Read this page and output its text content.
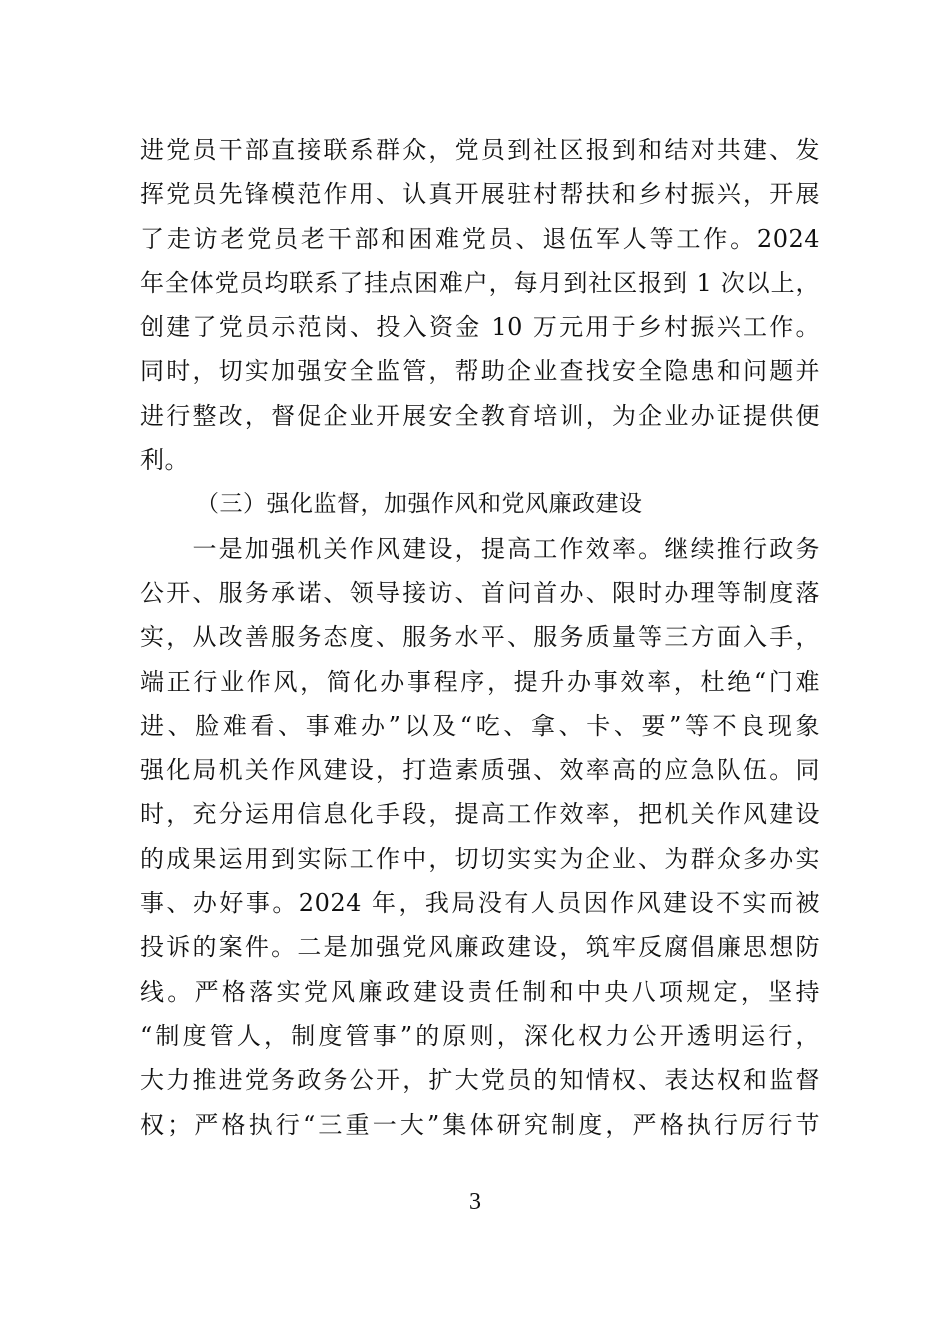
进党员干部直接联系群众，党员到社区报到和结对共建、发
挥党员先锋模范作用、认真开展驻村帮扶和乡村振兴，开展
了走访老党员老干部和困难党员、退伍军人等工作。2024
年全体党员均联系了挂点困难户，每月到社区报到 1 次以上，
创建了党员示范岗、投入资金 10 万元用于乡村振兴工作。
同时，切实加强安全监管，帮助企业查找安全隐患和问题并
进行整改，督促企业开展安全教育培训，为企业办证提供便
利。
（三）强化监督，加强作风和党风廉政建设
　　一是加强机关作风建设，提高工作效率。继续推行政务
公开、服务承诺、领导接访、首问首办、限时办理等制度落
实，从改善服务态度、服务水平、服务质量等三方面入手，
端正行业作风，简化办事程序，提升办事效率，杜绝“门难
进、脸难看、事难办”以及“吃、拿、卡、要”等不良现象
强化局机关作风建设，打造素质强、效率高的应急队伍。同
时，充分运用信息化手段，提高工作效率，把机关作风建设
的成果运用到实际工作中，切切实实为企业、为群众多办实
事、办好事。2024 年，我局没有人员因作风建设不实而被
投诉的案件。二是加强党风廉政建设，筑牢反腐倡廉思想防
线。严格落实党风廉政建设责任制和中央八项规定，坚持
“制度管人，制度管事”的原则，深化权力公开透明运行，
大力推进党务政务公开，扩大党员的知情权、表达权和监督
权；严格执行“三重一大”集体研究制度，严格执行厉行节
3
